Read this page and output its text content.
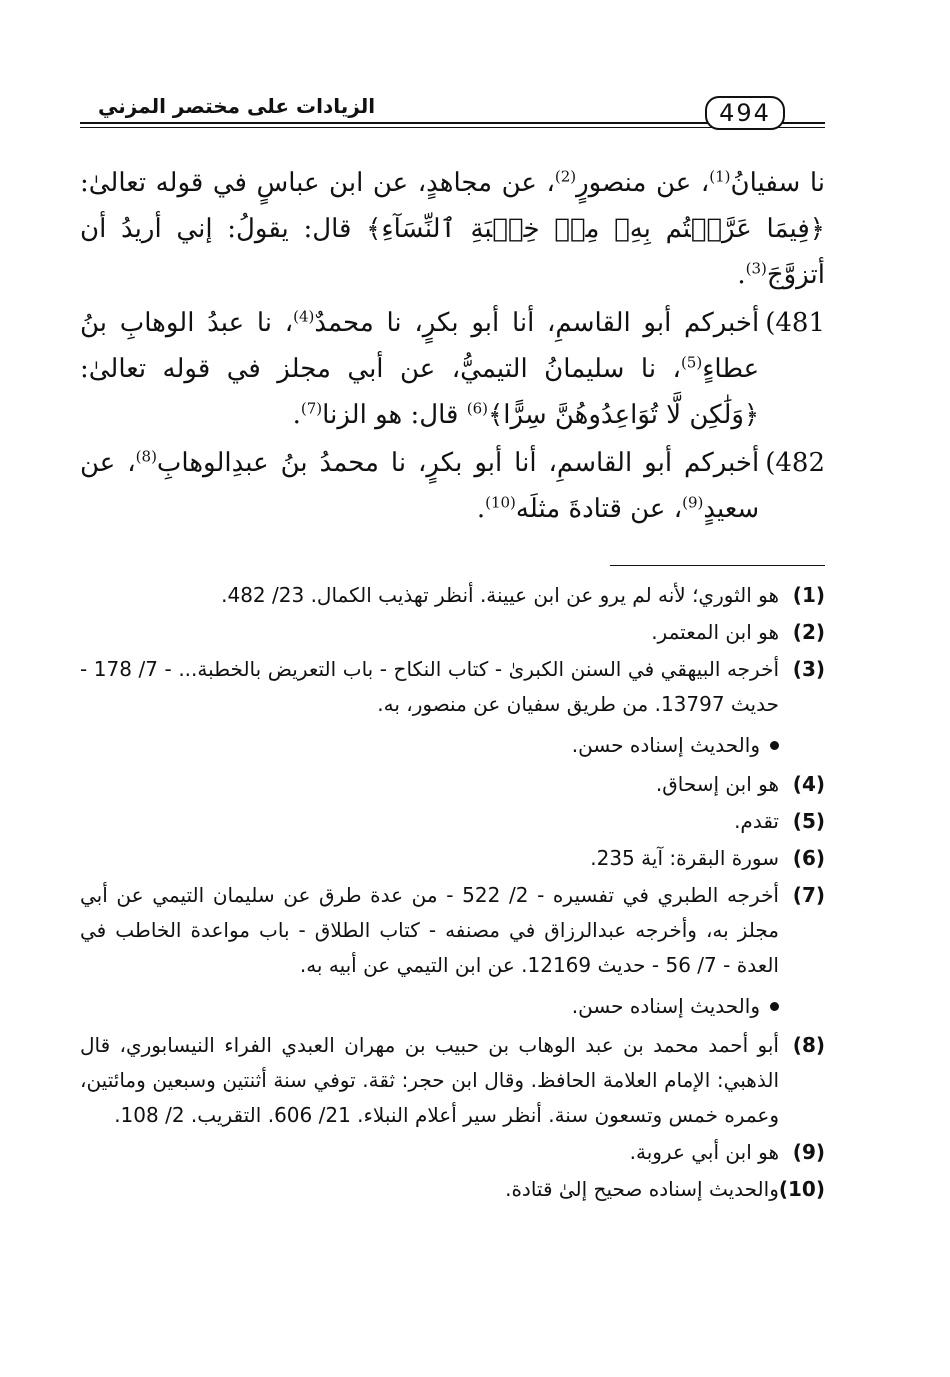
الزيادات على مختصر المزني	494

نا سفيانُ$^{(1)}$، عن منصورٍ$^{(2)}$، عن مجاهدٍ، عن ابن عباسٍ في قوله تعالىٰ: ﴿فِيمَا عَرَّضۡتُم بِهِۦ مِنۡ خِطۡبَةِ ٱلنِّسَآءِ﴾ قال: يقولُ: إني أريدُ أن أتزوَّجَ$^{(3)}$.

481)
أخبركم أبو القاسمِ، أنا أبو بكرٍ، نا محمدٌ$^{(4)}$، نا عبدُ الوهابِ بنُ عطاءٍ$^{(5)}$، نا سليمانُ التيميُّ، عن أبي مجلز في قوله تعالىٰ: ﴿وَلَٰكِن لَّا تُوَاعِدُوهُنَّ سِرًّا﴾$^{(6)}$ قال: هو الزنا$^{(7)}$.
482)
أخبركم أبو القاسمِ، أنا أبو بكرٍ، نا محمدُ بنُ عبدِالوهابِ$^{(8)}$، عن سعيدٍ$^{(9)}$، عن قتادةَ مثلَه$^{(10)}$.
(1)
هو الثوري؛ لأنه لم يرو عن ابن عيينة. أنظر تهذيب الكمال. 23/ 482.
(2)
هو ابن المعتمر.
(3)
أخرجه البيهقي في السنن الكبرىٰ - كتاب النكاح - باب التعريض بالخطبة... - 7/ 178 - حديث 13797. من طريق سفيان عن منصور، به.
والحديث إسناده حسن.
(4)
هو ابن إسحاق.
(5)
تقدم.
(6)
سورة البقرة: آية 235.
(7)
أخرجه الطبري في تفسيره - 2/ 522 - من عدة طرق عن سليمان التيمي عن أبي مجلز به، وأخرجه عبدالرزاق في مصنفه - كتاب الطلاق - باب مواعدة الخاطب في العدة - 7/ 56 - حديث 12169. عن ابن التيمي عن أبيه به.
والحديث إسناده حسن.
(8)
أبو أحمد محمد بن عبد الوهاب بن حبيب بن مهران العبدي الفراء النيسابوري، قال الذهبي: الإمام العلامة الحافظ. وقال ابن حجر: ثقة. توفي سنة أثنتين وسبعين ومائتين، وعمره خمس وتسعون سنة. أنظر سير أعلام النبلاء. 21/ 606. التقريب. 2/ 108.
(9)
هو ابن أبي عروبة.
(10)
والحديث إسناده صحيح إلىٰ قتادة.
